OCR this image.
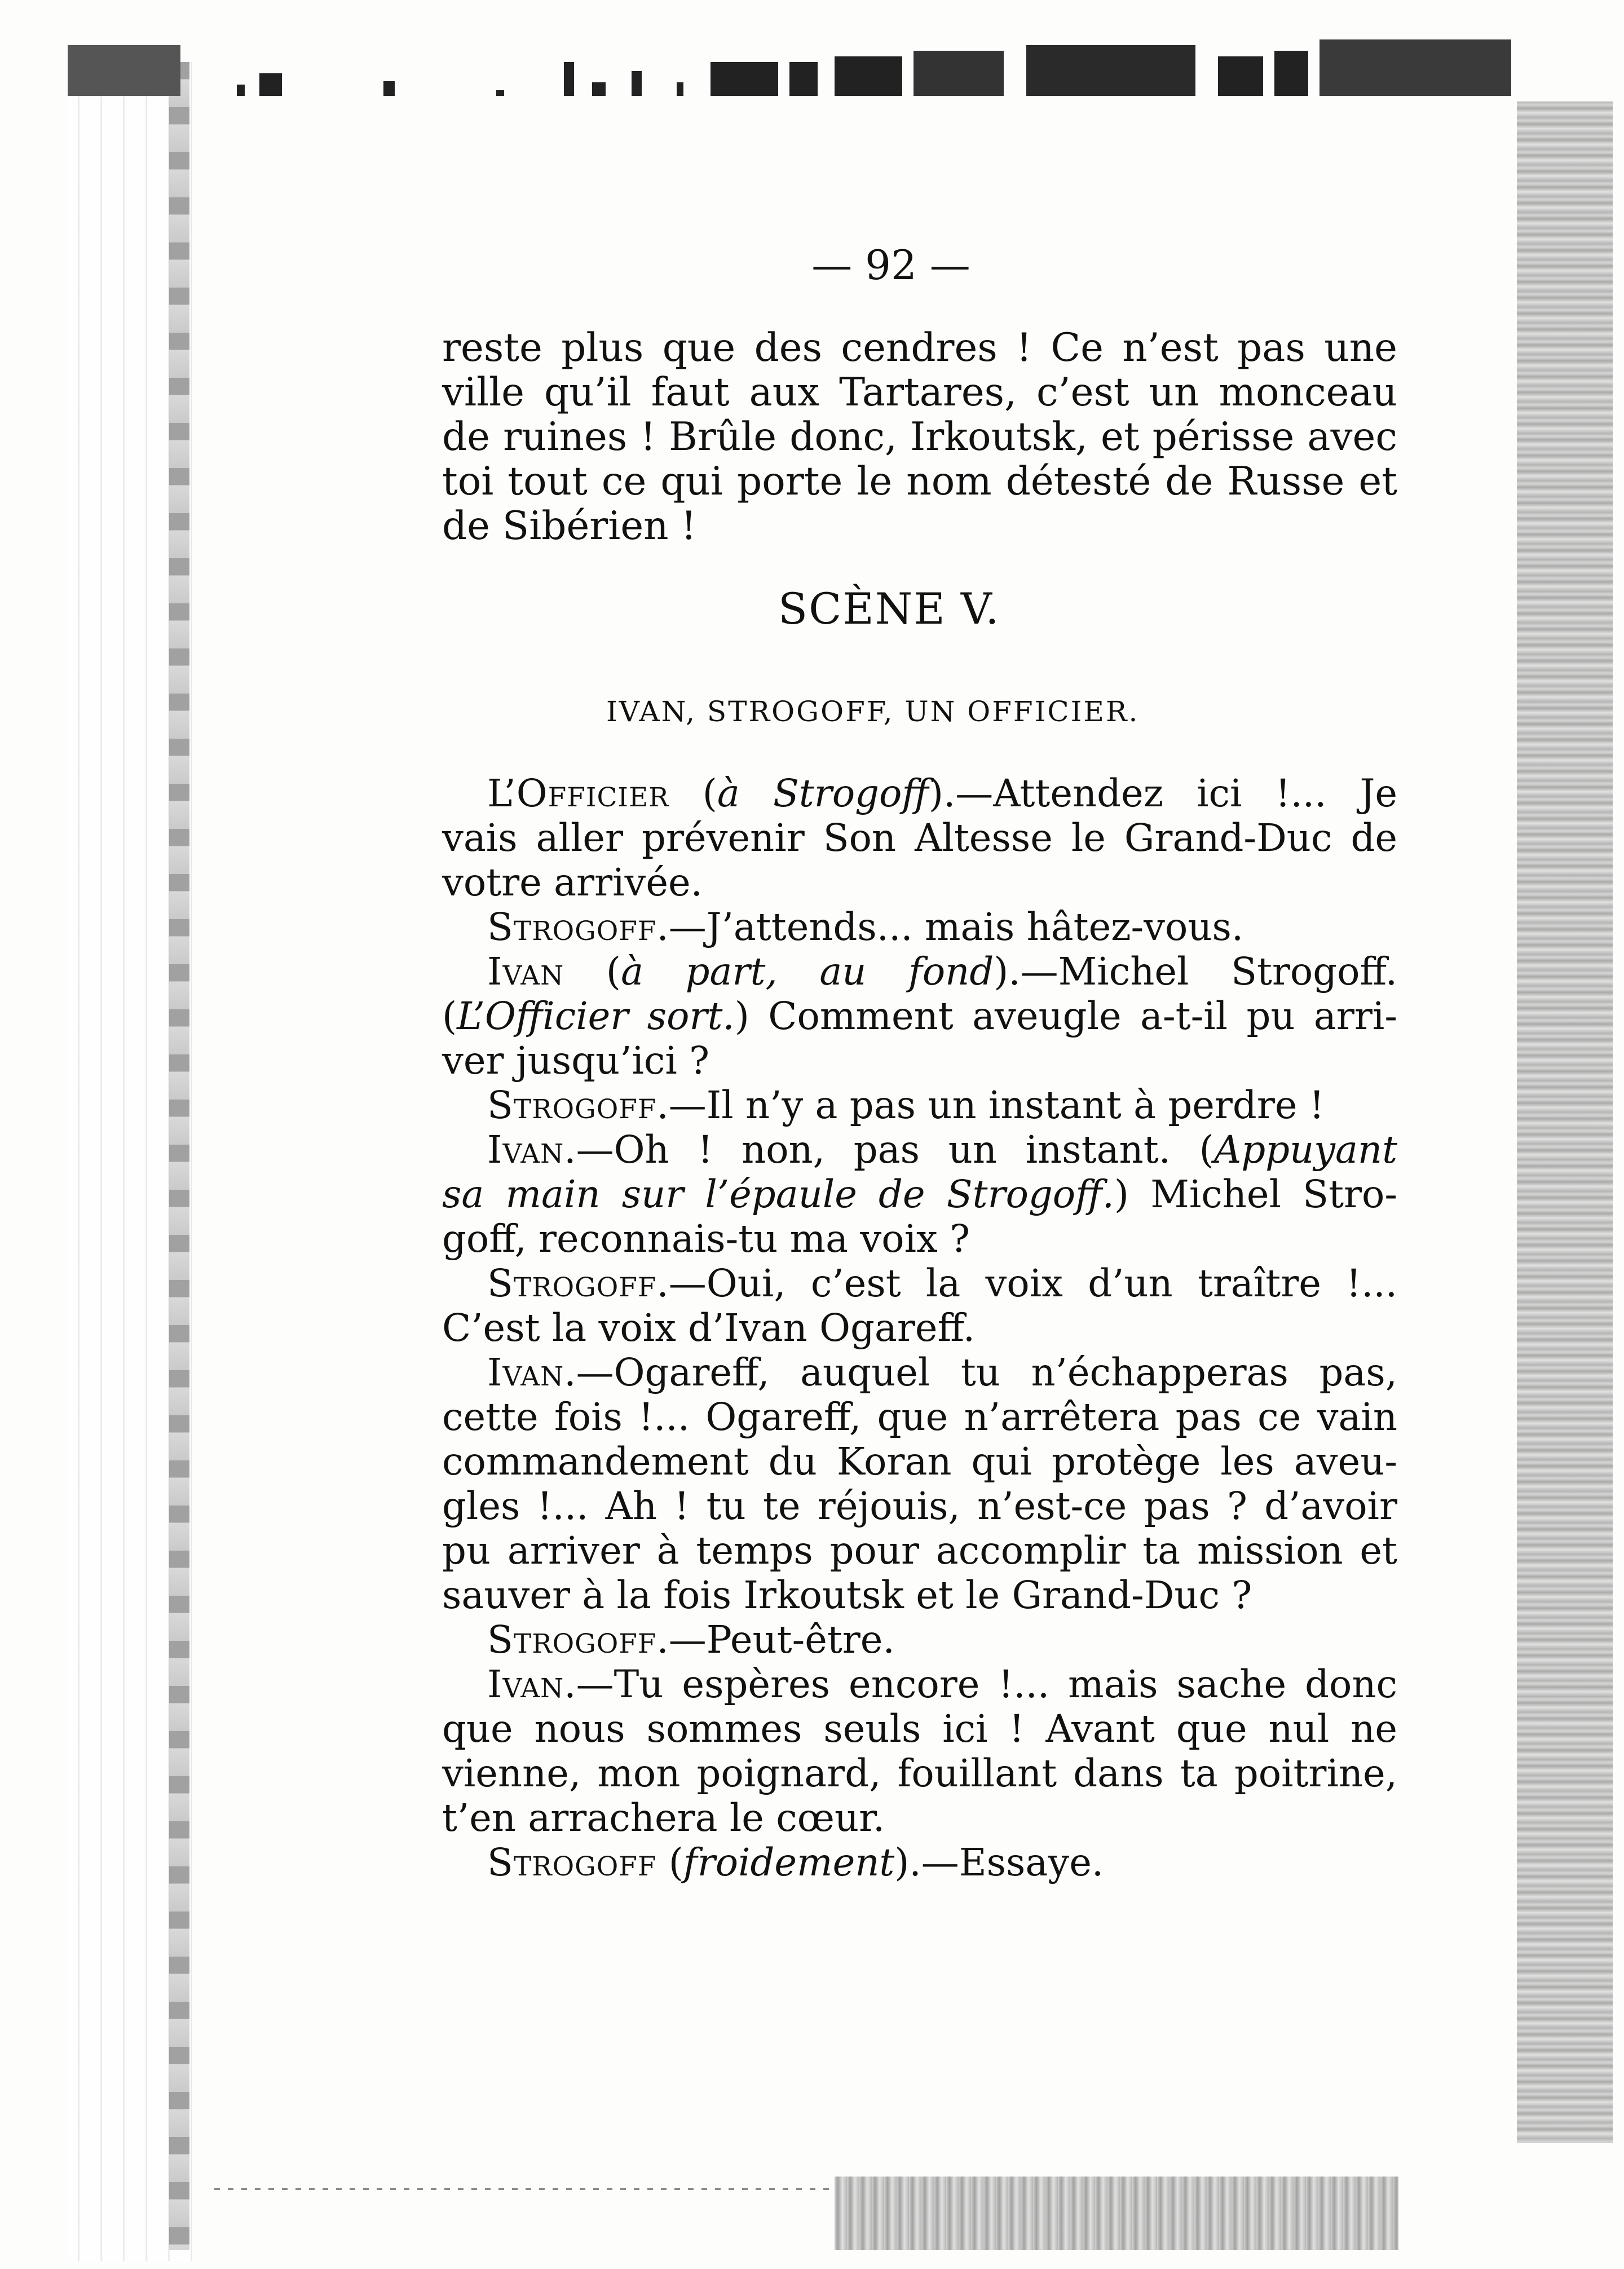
— 92 —
reste plus que des cendres ! Ce n’est pas une
ville qu’il faut aux Tartares, c’est un monceau
de ruines ! Brûle donc, Irkoutsk, et périsse avec
toi tout ce qui porte le nom détesté de Russe et
de Sibérien !
SCÈNE V.
IVAN, STROGOFF, UN OFFICIER.
L’Officier (à Strogoff).—Attendez ici !... Je
vais aller prévenir Son Altesse le Grand-Duc de
votre arrivée.
Strogoff.—J’attends... mais hâtez-vous.
Ivan (à part, au fond).—Michel Strogoff.
(L’Officier sort.) Comment aveugle a-t-il pu arri-
ver jusqu’ici ?
Strogoff.—Il n’y a pas un instant à perdre !
Ivan.—Oh ! non, pas un instant. (Appuyant
sa main sur l’épaule de Strogoff.) Michel Stro-
goff, reconnais-tu ma voix ?
Strogoff.—Oui, c’est la voix d’un traître !...
C’est la voix d’Ivan Ogareff.
Ivan.—Ogareff, auquel tu n’échapperas pas,
cette fois !... Ogareff, que n’arrêtera pas ce vain
commandement du Koran qui protège les aveu-
gles !... Ah ! tu te réjouis, n’est-ce pas ? d’avoir
pu arriver à temps pour accomplir ta mission et
sauver à la fois Irkoutsk et le Grand-Duc ?
Strogoff.—Peut-être.
Ivan.—Tu espères encore !... mais sache donc
que nous sommes seuls ici ! Avant que nul ne
vienne, mon poignard, fouillant dans ta poitrine,
t’en arrachera le cœur.
Strogoff (froidement).—Essaye.
